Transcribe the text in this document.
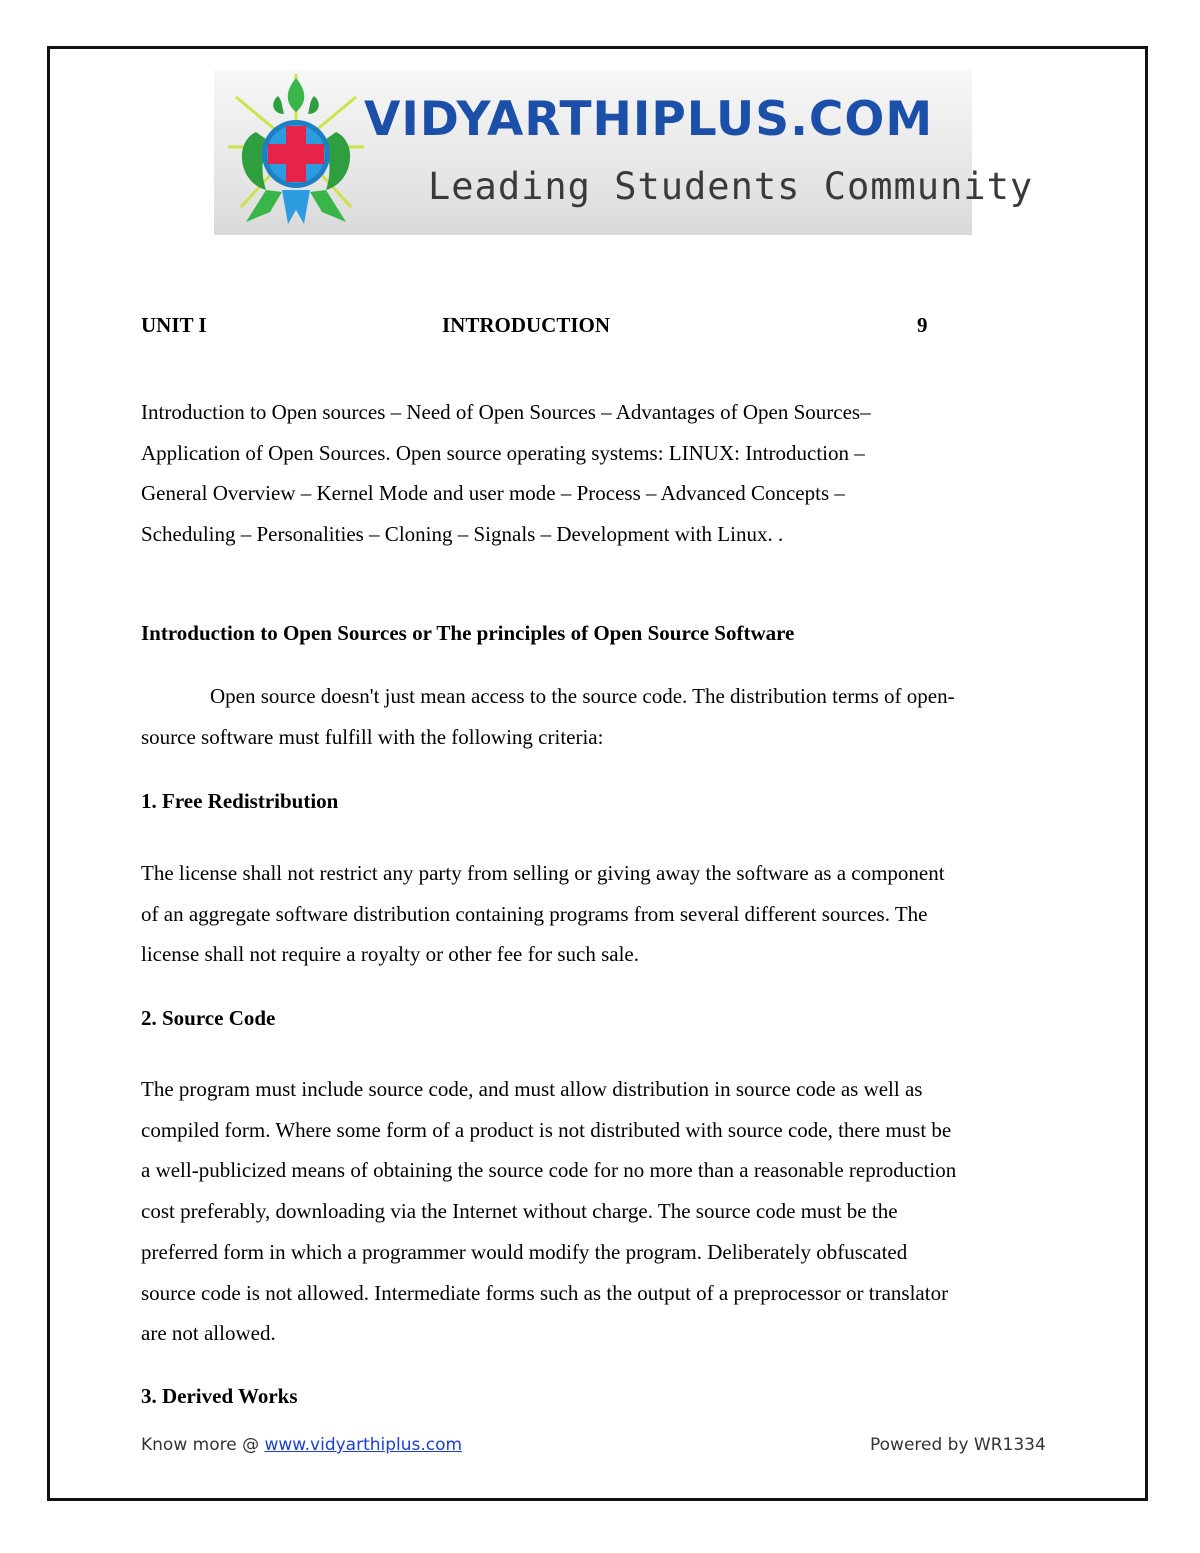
VIDYARTHIPLUS.COM
Leading Students Community
UNIT I	INTRODUCTION	9
Introduction to Open sources – Need of Open Sources – Advantages of Open Sources–
Application of Open Sources. Open source operating systems: LINUX: Introduction –
General Overview – Kernel Mode and user mode – Process – Advanced Concepts –
Scheduling – Personalities – Cloning – Signals – Development with Linux. .
Introduction to Open Sources or The principles of Open Source Software
Open source doesn't just mean access to the source code. The distribution terms of open-
source software must fulfill with the following criteria:
1. Free Redistribution
The license shall not restrict any party from selling or giving away the software as a component
of an aggregate software distribution containing programs from several different sources. The
license shall not require a royalty or other fee for such sale.
2. Source Code
The program must include source code, and must allow distribution in source code as well as
compiled form. Where some form of a product is not distributed with source code, there must be
a well-publicized means of obtaining the source code for no more than a reasonable reproduction
cost preferably, downloading via the Internet without charge. The source code must be the
preferred form in which a programmer would modify the program. Deliberately obfuscated
source code is not allowed. Intermediate forms such as the output of a preprocessor or translator
are not allowed.
3. Derived Works
Know more @ www.vidyarthiplus.com	Powered by WR1334
